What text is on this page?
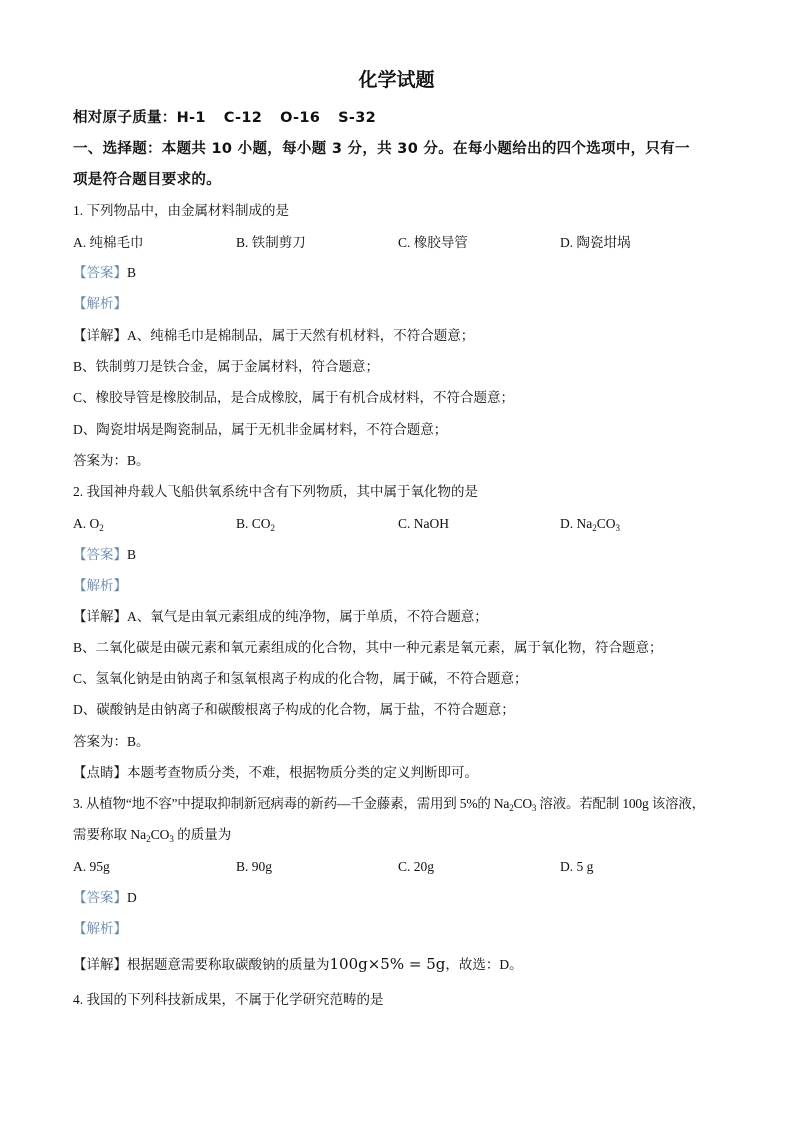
化学试题
相对原子质量：H-1 C-12 O-16 S-32
一、选择题：本题共 10 小题，每小题 3 分，共 30 分。在每小题给出的四个选项中，只有一
项是符合题目要求的。
1. 下列物品中，由金属材料制成的是
A. 纯棉毛巾	B. 铁制剪刀	C. 橡胶导管	D. 陶瓷坩埚
【答案】B
【解析】
【详解】A、纯棉毛巾是棉制品，属于天然有机材料，不符合题意；
B、铁制剪刀是铁合金，属于金属材料，符合题意；
C、橡胶导管是橡胶制品，是合成橡胶，属于有机合成材料，不符合题意；
D、陶瓷坩埚是陶瓷制品，属于无机非金属材料，不符合题意；
答案为：B。
2. 我国神舟载人飞船供氧系统中含有下列物质，其中属于氧化物的是
A. $O_2$	B. $CO_2$	C. NaOH	D. $Na_2CO_3$
【答案】B
【解析】
【详解】A、氧气是由氧元素组成的纯净物，属于单质，不符合题意；
B、二氧化碳是由碳元素和氧元素组成的化合物，其中一种元素是氧元素，属于氧化物，符合题意；
C、氢氧化钠是由钠离子和氢氧根离子构成的化合物，属于碱，不符合题意；
D、碳酸钠是由钠离子和碳酸根离子构成的化合物，属于盐，不符合题意；
答案为：B。
【点睛】本题考查物质分类，不难，根据物质分类的定义判断即可。
3. 从植物“地不容”中提取抑制新冠病毒的新药—千金藤素，需用到 5%的 $Na_2CO_3$ 溶液。若配制 100g 该溶液，
需要称取 $Na_2CO_3$ 的质量为
A. 95g	B. 90g	C. 20g	D. 5 g
【答案】D
【解析】
【详解】根据题意需要称取碳酸钠的质量为100g×5% = 5g，故选：D。
4. 我国的下列科技新成果，不属于化学研究范畴的是
